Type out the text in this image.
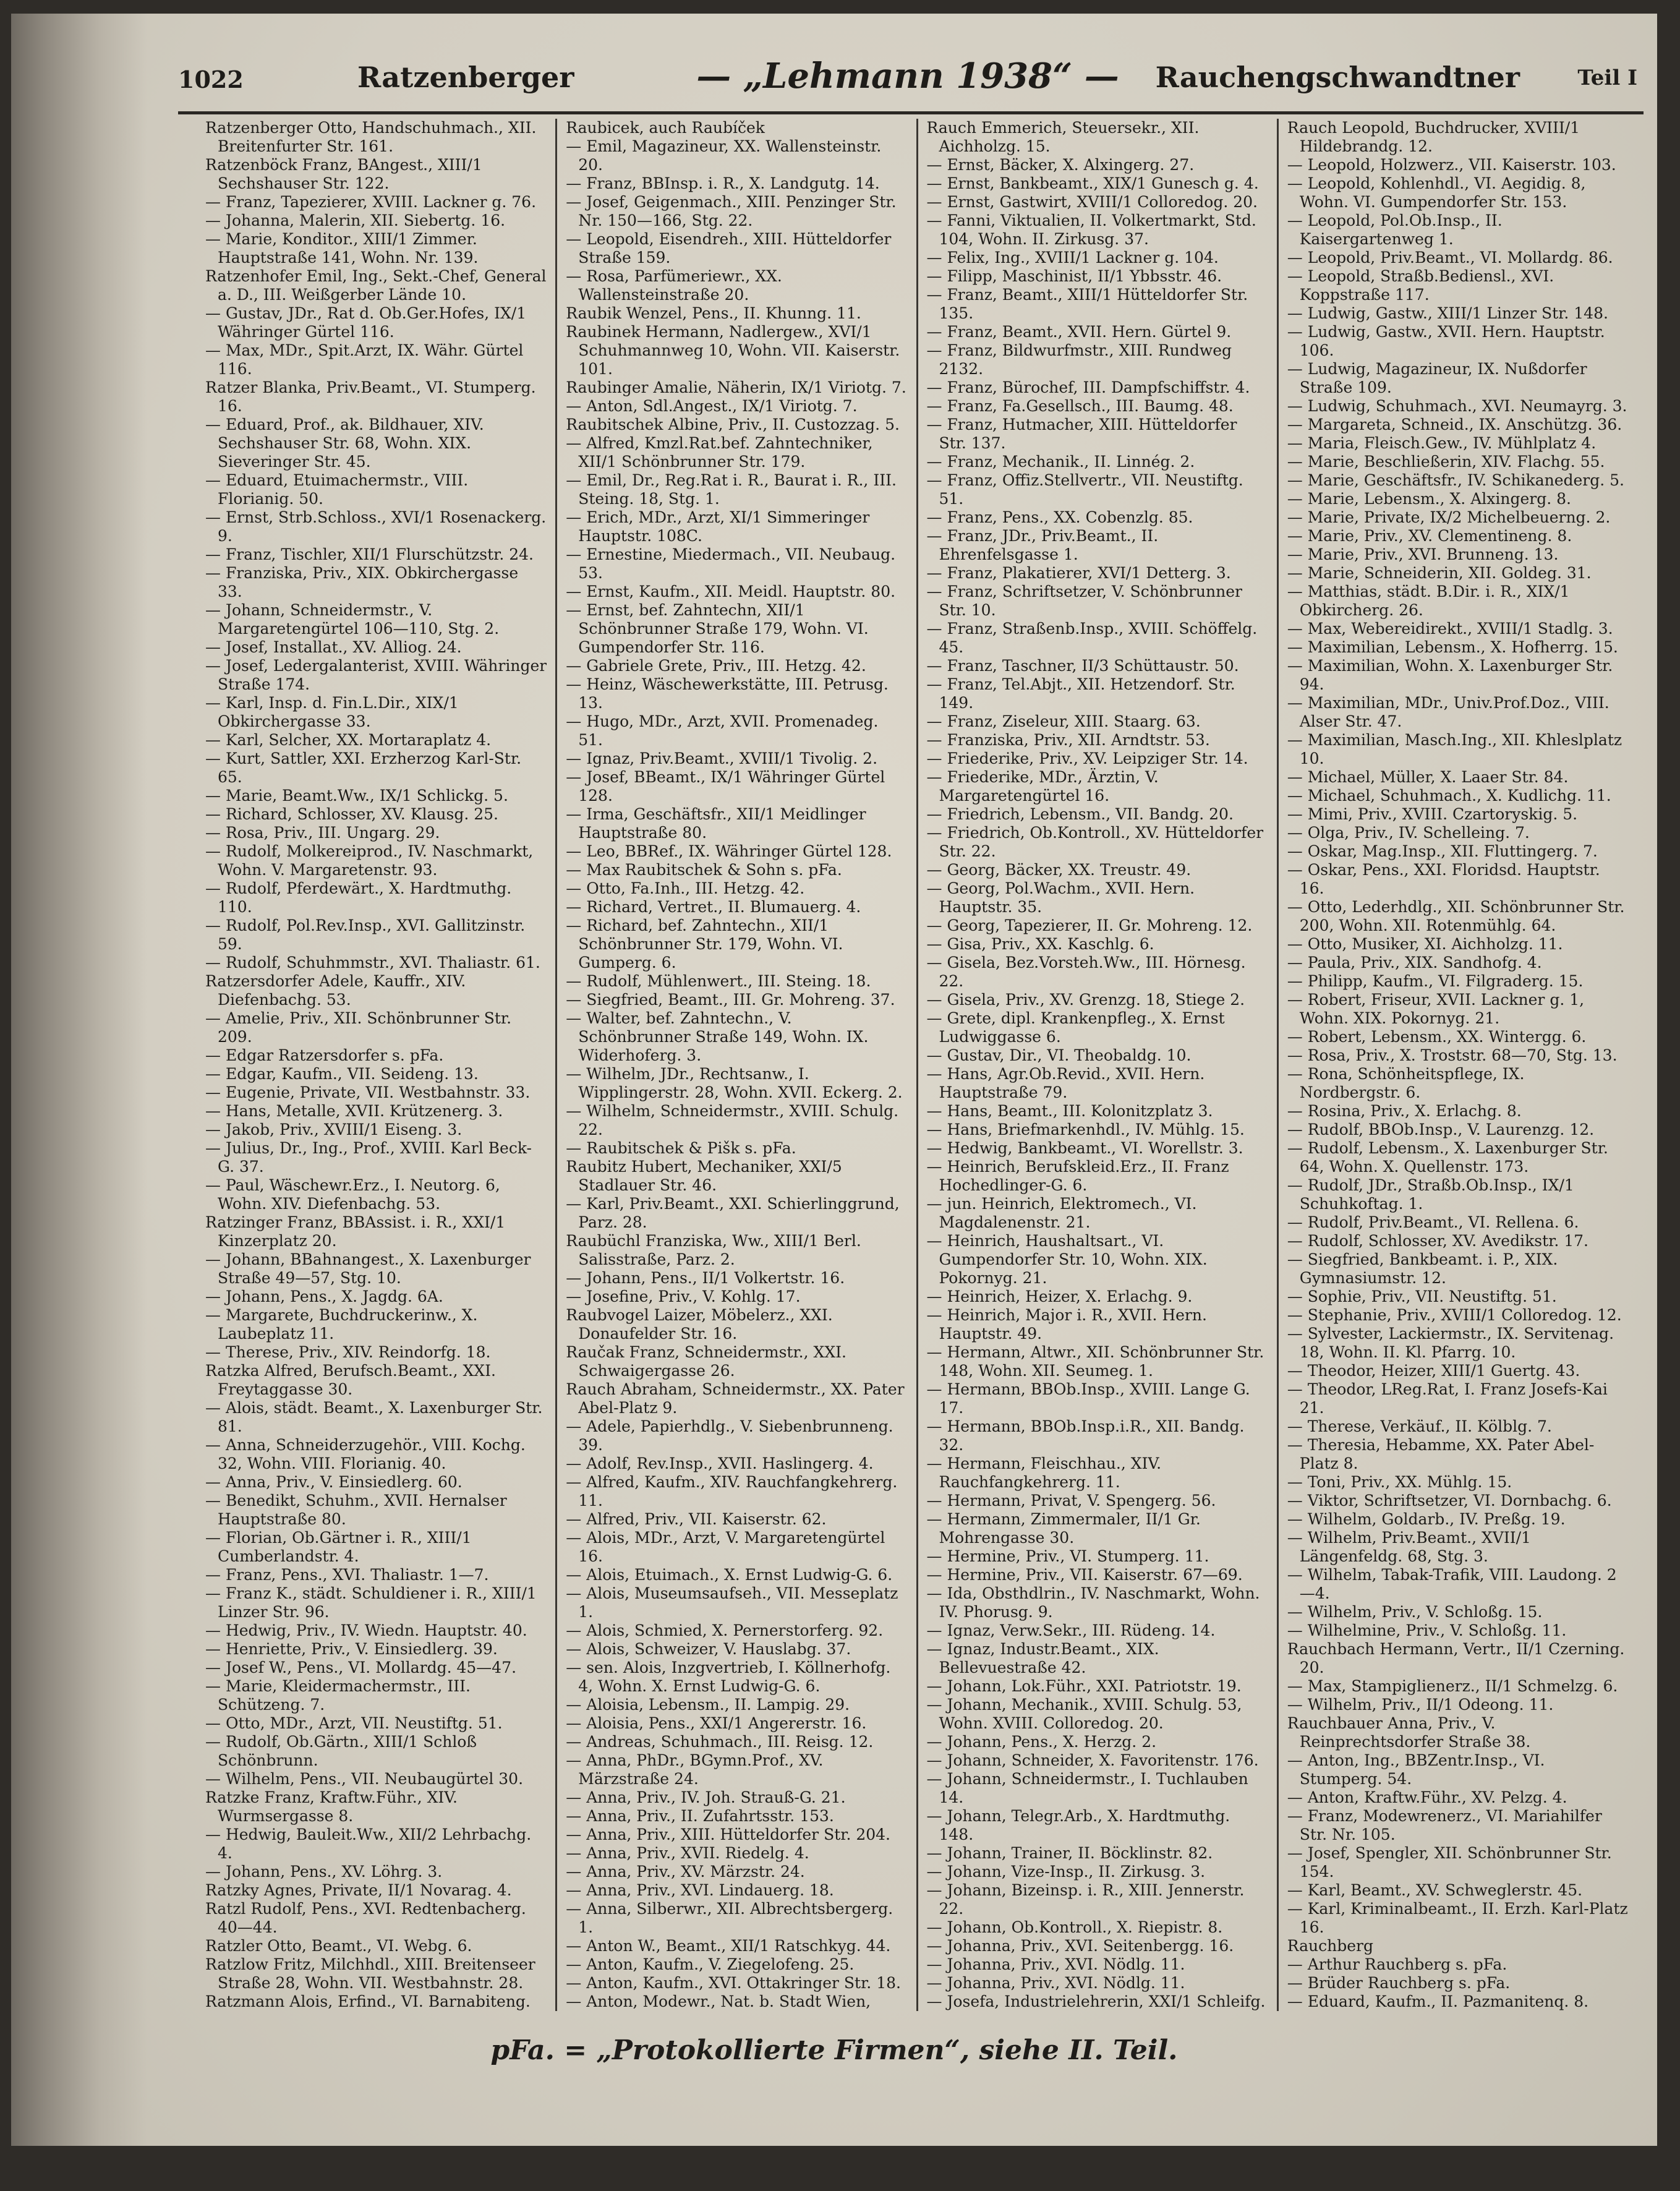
1022	Ratzenberger	— „Lehmann 1938“ —	Rauchengschwandtner	Teil I

Ratzenberger Otto, Handschuhmach., XII. Breitenfurter Str. 161.

Ratzenböck Franz, BAngest., XIII/1 Sechshauser Str. 122.

— Franz, Tapezierer, XVIII. Lackner g. 76.

— Johanna, Malerin, XII. Siebertg. 16.

— Marie, Konditor., XIII/1 Zimmer. Hauptstraße 141, Wohn. Nr. 139.

Ratzenhofer Emil, Ing., Sekt.-Chef, General a. D., III. Weißgerber Lände 10.

— Gustav, JDr., Rat d. Ob.Ger.Hofes, IX/1 Währinger Gürtel 116.

— Max, MDr., Spit.Arzt, IX. Währ. Gürtel 116.

Ratzer Blanka, Priv.Beamt., VI. Stumperg. 16.

— Eduard, Prof., ak. Bildhauer, XIV. Sechshauser Str. 68, Wohn. XIX. Sieveringer Str. 45.

— Eduard, Etuimachermstr., VIII. Florianig. 50.

— Ernst, Strb.Schloss., XVI/1 Rosenackerg. 9.

— Franz, Tischler, XII/1 Flurschützstr. 24.

— Franziska, Priv., XIX. Obkirchergasse 33.

— Johann, Schneidermstr., V. Margaretengürtel 106—110, Stg. 2.

— Josef, Installat., XV. Alliog. 24.

— Josef, Ledergalanterist, XVIII. Währinger Straße 174.

— Karl, Insp. d. Fin.L.Dir., XIX/1 Obkirchergasse 33.

— Karl, Selcher, XX. Mortaraplatz 4.

— Kurt, Sattler, XXI. Erzherzog Karl-Str. 65.

— Marie, Beamt.Ww., IX/1 Schlickg. 5.

— Richard, Schlosser, XV. Klausg. 25.

— Rosa, Priv., III. Ungarg. 29.

— Rudolf, Molkereiprod., IV. Naschmarkt, Wohn. V. Margaretenstr. 93.

— Rudolf, Pferdewärt., X. Hardtmuthg. 110.

— Rudolf, Pol.Rev.Insp., XVI. Gallitzinstr. 59.

— Rudolf, Schuhmmstr., XVI. Thaliastr. 61.

Ratzersdorfer Adele, Kauffr., XIV. Diefenbachg. 53.

— Amelie, Priv., XII. Schönbrunner Str. 209.

— Edgar Ratzersdorfer s. pFa.

— Edgar, Kaufm., VII. Seideng. 13.

— Eugenie, Private, VII. Westbahnstr. 33.

— Hans, Metalle, XVII. Krützenerg. 3.

— Jakob, Priv., XVIII/1 Eiseng. 3.

— Julius, Dr., Ing., Prof., XVIII. Karl Beck-G. 37.

— Paul, Wäschewr.Erz., I. Neutorg. 6, Wohn. XIV. Diefenbachg. 53.

Ratzinger Franz, BBAssist. i. R., XXI/1 Kinzerplatz 20.

— Johann, BBahnangest., X. Laxenburger Straße 49—57, Stg. 10.

— Johann, Pens., X. Jagdg. 6A.

— Margarete, Buchdruckerinw., X. Laubeplatz 11.

— Therese, Priv., XIV. Reindorfg. 18.

Ratzka Alfred, Berufsch.Beamt., XXI. Freytaggasse 30.

— Alois, städt. Beamt., X. Laxenburger Str. 81.

— Anna, Schneiderzugehör., VIII. Kochg. 32, Wohn. VIII. Florianig. 40.

— Anna, Priv., V. Einsiedlerg. 60.

— Benedikt, Schuhm., XVII. Hernalser Hauptstraße 80.

— Florian, Ob.Gärtner i. R., XIII/1 Cumberlandstr. 4.

— Franz, Pens., XVI. Thaliastr. 1—7.

— Franz K., städt. Schuldiener i. R., XIII/1 Linzer Str. 96.

— Hedwig, Priv., IV. Wiedn. Hauptstr. 40.

— Henriette, Priv., V. Einsiedlerg. 39.

— Josef W., Pens., VI. Mollardg. 45—47.

— Marie, Kleidermachermstr., III. Schützeng. 7.

— Otto, MDr., Arzt, VII. Neustiftg. 51.

— Rudolf, Ob.Gärtn., XIII/1 Schloß Schönbrunn.

— Wilhelm, Pens., VII. Neubaugürtel 30.

Ratzke Franz, Kraftw.Führ., XIV. Wurmsergasse 8.

— Hedwig, Bauleit.Ww., XII/2 Lehrbachg. 4.

— Johann, Pens., XV. Löhrg. 3.

Ratzky Agnes, Private, II/1 Novarag. 4.

Ratzl Rudolf, Pens., XVI. Redtenbacherg. 40—44.

Ratzler Otto, Beamt., VI. Webg. 6.

Ratzlow Fritz, Milchhdl., XIII. Breitenseer Straße 28, Wohn. VII. Westbahnstr. 28.

Ratzmann Alois, Erfind., VI. Barnabiteng.

Raubicek, auch Raubíček

— Emil, Magazineur, XX. Wallensteinstr. 20.

— Franz, BBInsp. i. R., X. Landgutg. 14.

— Josef, Geigenmach., XIII. Penzinger Str. Nr. 150—166, Stg. 22.

— Leopold, Eisendreh., XIII. Hütteldorfer Straße 159.

— Rosa, Parfümeriewr., XX. Wallensteinstraße 20.

Raubik Wenzel, Pens., II. Khunng. 11.

Raubinek Hermann, Nadlergew., XVI/1 Schuhmannweg 10, Wohn. VII. Kaiserstr. 101.

Raubinger Amalie, Näherin, IX/1 Viriotg. 7.

— Anton, Sdl.Angest., IX/1 Viriotg. 7.

Raubitschek Albine, Priv., II. Custozzag. 5.

— Alfred, Kmzl.Rat.bef. Zahntechniker, XII/1 Schönbrunner Str. 179.

— Emil, Dr., Reg.Rat i. R., Baurat i. R., III. Steing. 18, Stg. 1.

— Erich, MDr., Arzt, XI/1 Simmeringer Hauptstr. 108C.

— Ernestine, Miedermach., VII. Neubaug. 53.

— Ernst, Kaufm., XII. Meidl. Hauptstr. 80.

— Ernst, bef. Zahntechn, XII/1 Schönbrunner Straße 179, Wohn. VI. Gumpendorfer Str. 116.

— Gabriele Grete, Priv., III. Hetzg. 42.

— Heinz, Wäschewerkstätte, III. Petrusg. 13.

— Hugo, MDr., Arzt, XVII. Promenadeg. 51.

— Ignaz, Priv.Beamt., XVIII/1 Tivolig. 2.

— Josef, BBeamt., IX/1 Währinger Gürtel 128.

— Irma, Geschäftsfr., XII/1 Meidlinger Hauptstraße 80.

— Leo, BBRef., IX. Währinger Gürtel 128.

— Max Raubitschek & Sohn s. pFa.

— Otto, Fa.Inh., III. Hetzg. 42.

— Richard, Vertret., II. Blumauerg. 4.

— Richard, bef. Zahntechn., XII/1 Schönbrunner Str. 179, Wohn. VI. Gumperg. 6.

— Rudolf, Mühlenwert., III. Steing. 18.

— Siegfried, Beamt., III. Gr. Mohreng. 37.

— Walter, bef. Zahntechn., V. Schönbrunner Straße 149, Wohn. IX. Widerhoferg. 3.

— Wilhelm, JDr., Rechtsanw., I. Wipplingerstr. 28, Wohn. XVII. Eckerg. 2.

— Wilhelm, Schneidermstr., XVIII. Schulg. 22.

— Raubitschek & Pišk s. pFa.

Raubitz Hubert, Mechaniker, XXI/5 Stadlauer Str. 46.

— Karl, Priv.Beamt., XXI. Schierlinggrund, Parz. 28.

Raubüchl Franziska, Ww., XIII/1 Berl. Salisstraße, Parz. 2.

— Johann, Pens., II/1 Volkertstr. 16.

— Josefine, Priv., V. Kohlg. 17.

Raubvogel Laizer, Möbelerz., XXI. Donaufelder Str. 16.

Raučak Franz, Schneidermstr., XXI. Schwaigergasse 26.

Rauch Abraham, Schneidermstr., XX. Pater Abel-Platz 9.

— Adele, Papierhdlg., V. Siebenbrunneng. 39.

— Adolf, Rev.Insp., XVII. Haslingerg. 4.

— Alfred, Kaufm., XIV. Rauchfangkehrerg. 11.

— Alfred, Priv., VII. Kaiserstr. 62.

— Alois, MDr., Arzt, V. Margaretengürtel 16.

— Alois, Etuimach., X. Ernst Ludwig-G. 6.

— Alois, Museumsaufseh., VII. Messeplatz 1.

— Alois, Schmied, X. Pernerstorferg. 92.

— Alois, Schweizer, V. Hauslabg. 37.

— sen. Alois, Inzgvertrieb, I. Köllnerhofg. 4, Wohn. X. Ernst Ludwig-G. 6.

— Aloisia, Lebensm., II. Lampig. 29.

— Aloisia, Pens., XXI/1 Angererstr. 16.

— Andreas, Schuhmach., III. Reisg. 12.

— Anna, PhDr., BGymn.Prof., XV. Märzstraße 24.

— Anna, Priv., IV. Joh. Strauß-G. 21.

— Anna, Priv., II. Zufahrtsstr. 153.

— Anna, Priv., XIII. Hütteldorfer Str. 204.

— Anna, Priv., XVII. Riedelg. 4.

— Anna, Priv., XV. Märzstr. 24.

— Anna, Priv., XVI. Lindauerg. 18.

— Anna, Silberwr., XII. Albrechtsbergerg. 1.

— Anton W., Beamt., XII/1 Ratschkyg. 44.

— Anton, Kaufm., V. Ziegelofeng. 25.

— Anton, Kaufm., XVI. Ottakringer Str. 18.

— Anton, Modewr., Nat. b. Stadt Wien,

Rauch Emmerich, Steuersekr., XII. Aichholzg. 15.

— Ernst, Bäcker, X. Alxingerg. 27.

— Ernst, Bankbeamt., XIX/1 Gunesch g. 4.

— Ernst, Gastwirt, XVIII/1 Colloredog. 20.

— Fanni, Viktualien, II. Volkertmarkt, Std. 104, Wohn. II. Zirkusg. 37.

— Felix, Ing., XVIII/1 Lackner g. 104.

— Filipp, Maschinist, II/1 Ybbsstr. 46.

— Franz, Beamt., XIII/1 Hütteldorfer Str. 135.

— Franz, Beamt., XVII. Hern. Gürtel 9.

— Franz, Bildwurfmstr., XIII. Rundweg 2132.

— Franz, Bürochef, III. Dampfschiffstr. 4.

— Franz, Fa.Gesellsch., III. Baumg. 48.

— Franz, Hutmacher, XIII. Hütteldorfer Str. 137.

— Franz, Mechanik., II. Linnég. 2.

— Franz, Offiz.Stellvertr., VII. Neustiftg. 51.

— Franz, Pens., XX. Cobenzlg. 85.

— Franz, JDr., Priv.Beamt., II. Ehrenfelsgasse 1.

— Franz, Plakatierer, XVI/1 Detterg. 3.

— Franz, Schriftsetzer, V. Schönbrunner Str. 10.

— Franz, Straßenb.Insp., XVIII. Schöffelg. 45.

— Franz, Taschner, II/3 Schüttaustr. 50.

— Franz, Tel.Abjt., XII. Hetzendorf. Str. 149.

— Franz, Ziseleur, XIII. Staarg. 63.

— Franziska, Priv., XII. Arndtstr. 53.

— Friederike, Priv., XV. Leipziger Str. 14.

— Friederike, MDr., Ärztin, V. Margaretengürtel 16.

— Friedrich, Lebensm., VII. Bandg. 20.

— Friedrich, Ob.Kontroll., XV. Hütteldorfer Str. 22.

— Georg, Bäcker, XX. Treustr. 49.

— Georg, Pol.Wachm., XVII. Hern. Hauptstr. 35.

— Georg, Tapezierer, II. Gr. Mohreng. 12.

— Gisa, Priv., XX. Kaschlg. 6.

— Gisela, Bez.Vorsteh.Ww., III. Hörnesg. 22.

— Gisela, Priv., XV. Grenzg. 18, Stiege 2.

— Grete, dipl. Krankenpfleg., X. Ernst Ludwiggasse 6.

— Gustav, Dir., VI. Theobaldg. 10.

— Hans, Agr.Ob.Revid., XVII. Hern. Hauptstraße 79.

— Hans, Beamt., III. Kolonitzplatz 3.

— Hans, Briefmarkenhdl., IV. Mühlg. 15.

— Hedwig, Bankbeamt., VI. Worellstr. 3.

— Heinrich, Berufskleid.Erz., II. Franz Hochedlinger-G. 6.

— jun. Heinrich, Elektromech., VI. Magdalenenstr. 21.

— Heinrich, Haushaltsart., VI. Gumpendorfer Str. 10, Wohn. XIX. Pokornyg. 21.

— Heinrich, Heizer, X. Erlachg. 9.

— Heinrich, Major i. R., XVII. Hern. Hauptstr. 49.

— Hermann, Altwr., XII. Schönbrunner Str. 148, Wohn. XII. Seumeg. 1.

— Hermann, BBOb.Insp., XVIII. Lange G. 17.

— Hermann, BBOb.Insp.i.R., XII. Bandg. 32.

— Hermann, Fleischhau., XIV. Rauchfangkehrerg. 11.

— Hermann, Privat, V. Spengerg. 56.

— Hermann, Zimmermaler, II/1 Gr. Mohrengasse 30.

— Hermine, Priv., VI. Stumperg. 11.

— Hermine, Priv., VII. Kaiserstr. 67—69.

— Ida, Obsthdlrin., IV. Naschmarkt, Wohn. IV. Phorusg. 9.

— Ignaz, Verw.Sekr., III. Rüdeng. 14.

— Ignaz, Industr.Beamt., XIX. Bellevuestraße 42.

— Johann, Lok.Führ., XXI. Patriotstr. 19.

— Johann, Mechanik., XVIII. Schulg. 53, Wohn. XVIII. Colloredog. 20.

— Johann, Pens., X. Herzg. 2.

— Johann, Schneider, X. Favoritenstr. 176.

— Johann, Schneidermstr., I. Tuchlauben 14.

— Johann, Telegr.Arb., X. Hardtmuthg. 148.

— Johann, Trainer, II. Böcklinstr. 82.

— Johann, Vize-Insp., II. Zirkusg. 3.

— Johann, Bizeinsp. i. R., XIII. Jennerstr. 22.

— Johann, Ob.Kontroll., X. Riepistr. 8.

— Johanna, Priv., XVI. Seitenbergg. 16.

— Johanna, Priv., XVI. Nödlg. 11.

— Johanna, Priv., XVI. Nödlg. 11.

— Josefa, Industrielehrerin, XXI/1 Schleifg.

Rauch Leopold, Buchdrucker, XVIII/1 Hildebrandg. 12.

— Leopold, Holzwerz., VII. Kaiserstr. 103.

— Leopold, Kohlenhdl., VI. Aegidig. 8, Wohn. VI. Gumpendorfer Str. 153.

— Leopold, Pol.Ob.Insp., II. Kaisergartenweg 1.

— Leopold, Priv.Beamt., VI. Mollardg. 86.

— Leopold, Straßb.Bediensl., XVI. Koppstraße 117.

— Ludwig, Gastw., XIII/1 Linzer Str. 148.

— Ludwig, Gastw., XVII. Hern. Hauptstr. 106.

— Ludwig, Magazineur, IX. Nußdorfer Straße 109.

— Ludwig, Schuhmach., XVI. Neumayrg. 3.

— Margareta, Schneid., IX. Anschützg. 36.

— Maria, Fleisch.Gew., IV. Mühlplatz 4.

— Marie, Beschließerin, XIV. Flachg. 55.

— Marie, Geschäftsfr., IV. Schikanederg. 5.

— Marie, Lebensm., X. Alxingerg. 8.

— Marie, Private, IX/2 Michelbeuerng. 2.

— Marie, Priv., XV. Clementineng. 8.

— Marie, Priv., XVI. Brunneng. 13.

— Marie, Schneiderin, XII. Goldeg. 31.

— Matthias, städt. B.Dir. i. R., XIX/1 Obkircherg. 26.

— Max, Webereidirekt., XVIII/1 Stadlg. 3.

— Maximilian, Lebensm., X. Hofherrg. 15.

— Maximilian, Wohn. X. Laxenburger Str. 94.

— Maximilian, MDr., Univ.Prof.Doz., VIII. Alser Str. 47.

— Maximilian, Masch.Ing., XII. Khleslplatz 10.

— Michael, Müller, X. Laaer Str. 84.

— Michael, Schuhmach., X. Kudlichg. 11.

— Mimi, Priv., XVIII. Czartoryskig. 5.

— Olga, Priv., IV. Schelleing. 7.

— Oskar, Mag.Insp., XII. Fluttingerg. 7.

— Oskar, Pens., XXI. Floridsd. Hauptstr. 16.

— Otto, Lederhdlg., XII. Schönbrunner Str. 200, Wohn. XII. Rotenmühlg. 64.

— Otto, Musiker, XI. Aichholzg. 11.

— Paula, Priv., XIX. Sandhofg. 4.

— Philipp, Kaufm., VI. Filgraderg. 15.

— Robert, Friseur, XVII. Lackner g. 1, Wohn. XIX. Pokornyg. 21.

— Robert, Lebensm., XX. Wintergg. 6.

— Rosa, Priv., X. Troststr. 68—70, Stg. 13.

— Rona, Schönheitspflege, IX. Nordbergstr. 6.

— Rosina, Priv., X. Erlachg. 8.

— Rudolf, BBOb.Insp., V. Laurenzg. 12.

— Rudolf, Lebensm., X. Laxenburger Str. 64, Wohn. X. Quellenstr. 173.

— Rudolf, JDr., Straßb.Ob.Insp., IX/1 Schuhkoftag. 1.

— Rudolf, Priv.Beamt., VI. Rellena. 6.

— Rudolf, Schlosser, XV. Avedikstr. 17.

— Siegfried, Bankbeamt. i. P., XIX. Gymnasiumstr. 12.

— Sophie, Priv., VII. Neustiftg. 51.

— Stephanie, Priv., XVIII/1 Colloredog. 12.

— Sylvester, Lackiermstr., IX. Servitenag. 18, Wohn. II. Kl. Pfarrg. 10.

— Theodor, Heizer, XIII/1 Guertg. 43.

— Theodor, LReg.Rat, I. Franz Josefs-Kai 21.

— Therese, Verkäuf., II. Kölblg. 7.

— Theresia, Hebamme, XX. Pater Abel-Platz 8.

— Toni, Priv., XX. Mühlg. 15.

— Viktor, Schriftsetzer, VI. Dornbachg. 6.

— Wilhelm, Goldarb., IV. Preßg. 19.

— Wilhelm, Priv.Beamt., XVII/1 Längenfeldg. 68, Stg. 3.

— Wilhelm, Tabak-Trafik, VIII. Laudong. 2—4.

— Wilhelm, Priv., V. Schloßg. 15.

— Wilhelmine, Priv., V. Schloßg. 11.

Rauchbach Hermann, Vertr., II/1 Czerning. 20.

— Max, Stampiglienerz., II/1 Schmelzg. 6.

— Wilhelm, Priv., II/1 Odeong. 11.

Rauchbauer Anna, Priv., V. Reinprechtsdorfer Straße 38.

— Anton, Ing., BBZentr.Insp., VI. Stumperg. 54.

— Anton, Kraftw.Führ., XV. Pelzg. 4.

— Franz, Modewrenerz., VI. Mariahilfer Str. Nr. 105.

— Josef, Spengler, XII. Schönbrunner Str. 154.

— Karl, Beamt., XV. Schweglerstr. 45.

— Karl, Kriminalbeamt., II. Erzh. Karl-Platz 16.

Rauchberg

— Arthur Rauchberg s. pFa.

— Brüder Rauchberg s. pFa.

— Eduard, Kaufm., II. Pazmanitenq. 8.

pFa. = „Protokollierte Firmen“, siehe II. Teil.
